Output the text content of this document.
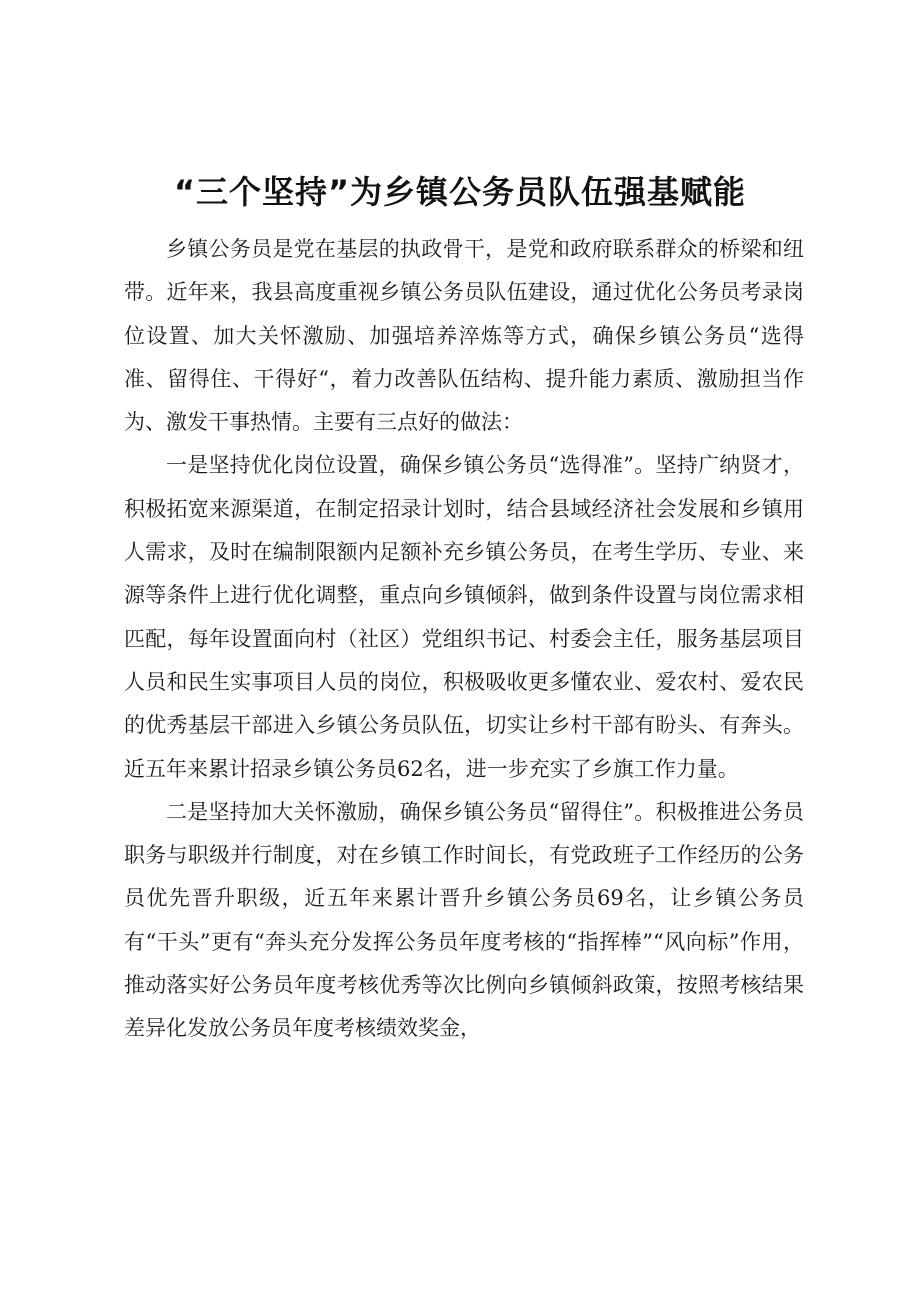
“三个坚持”为乡镇公务员队伍强基赋能

乡镇公务员是党在基层的执政骨干，是党和政府联系群众的桥梁和纽带。近年来，我县高度重视乡镇公务员队伍建设，通过优化公务员考录岗位设置、加大关怀激励、加强培养淬炼等方式，确保乡镇公务员“选得准、留得住、干得好“，着力改善队伍结构、提升能力素质、激励担当作为、激发干事热情。主要有三点好的做法：

一是坚持优化岗位设置，确保乡镇公务员“选得准”。坚持广纳贤才，积极拓宽来源渠道，在制定招录计划时，结合县域经济社会发展和乡镇用人需求，及时在编制限额内足额补充乡镇公务员，在考生学历、专业、来源等条件上进行优化调整，重点向乡镇倾斜，做到条件设置与岗位需求相匹配，每年设置面向村（社区）党组织书记、村委会主任，服务基层项目人员和民生实事项目人员的岗位，积极吸收更多懂农业、爱农村、爱农民的优秀基层干部进入乡镇公务员队伍，切实让乡村干部有盼头、有奔头。近五年来累计招录乡镇公务员62名，进一步充实了乡旗工作力量。

二是坚持加大关怀激励，确保乡镇公务员“留得住”。积极推进公务员职务与职级并行制度，对在乡镇工作时间长，有党政班子工作经历的公务员优先晋升职级，近五年来累计晋升乡镇公务员69名，让乡镇公务员有“干头”更有“奔头充分发挥公务员年度考核的“指挥棒”“风向标”作用，推动落实好公务员年度考核优秀等次比例向乡镇倾斜政策，按照考核结果差异化发放公务员年度考核绩效奖金，
